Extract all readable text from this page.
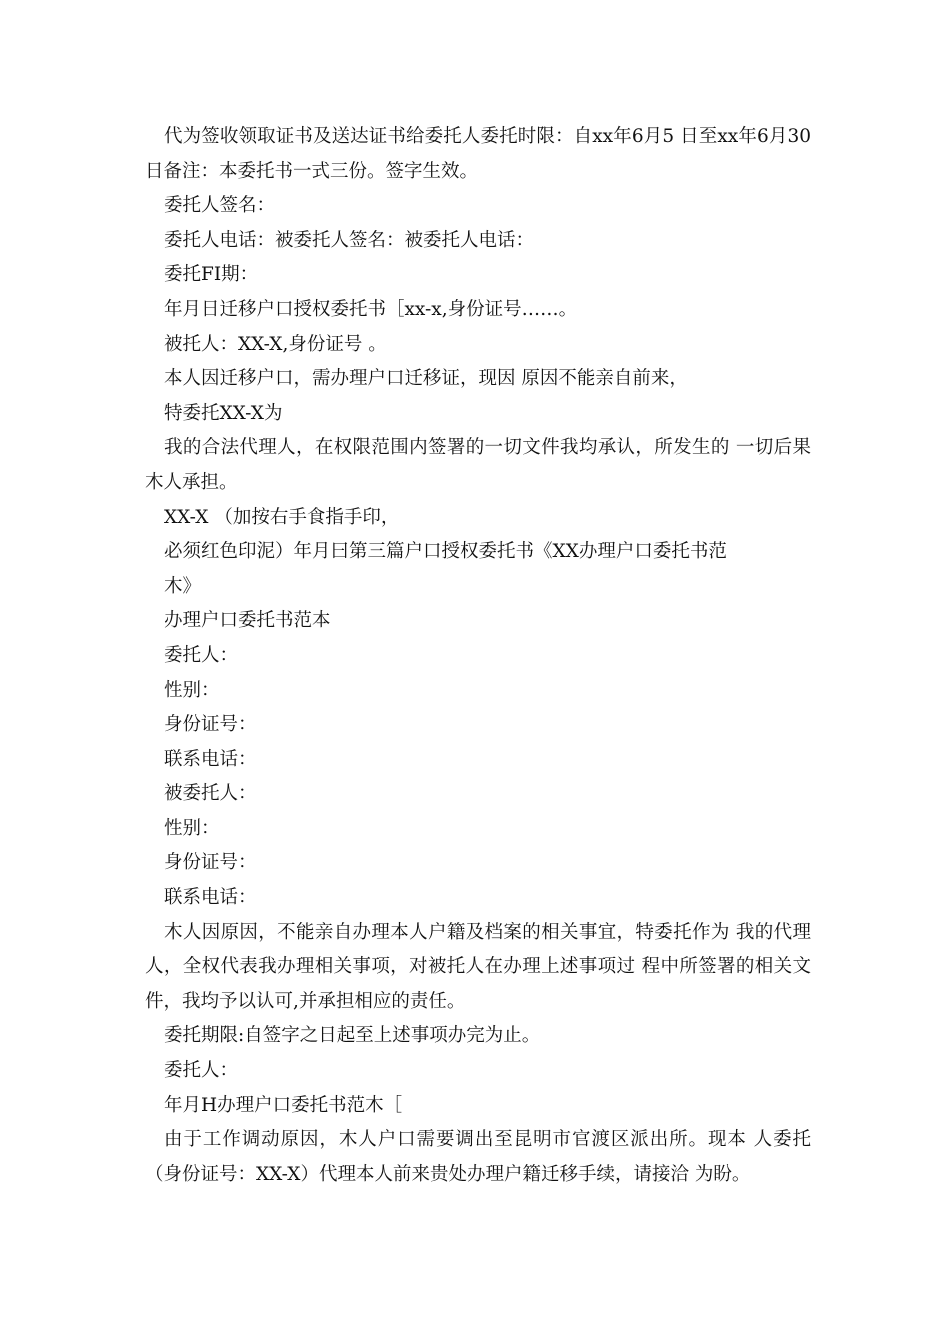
代为签收领取证书及送达证书给委托人委托时限：自xx年6月5 日至xx年6月30日备注：本委托书一式三份。签字生效。

委托人签名：

委托人电话：被委托人签名：被委托人电话：

委托FI期：

年月日迁移户口授权委托书［xx-x,身份证号……。

被托人：XX-X,身份证号 。

本人因迁移户口，需办理户口迁移证，现因 原因不能亲自前来，

特委托XX-X为

我的合法代理人，在权限范围内签署的一切文件我均承认，所发生的 一切后果木人承担。

XX-X （加按右手食指手印，

必须红色印泥）年月曰第三篇户口授权委托书《XX办理户口委托书范

木》

办理户口委托书范本

委托人：

性别：

身份证号：

联系电话：

被委托人：

性别：

身份证号：

联系电话：

木人因原因，不能亲自办理本人户籍及档案的相关事宜，特委托作为 我的代理人，全权代表我办理相关事项，对被托人在办理上述事项过 程中所签署的相关文件，我均予以认可,并承担相应的责任。

委托期限:自签字之日起至上述事项办完为止。

委托人：

年月H办理户口委托书范木［

由于工作调动原因，木人户口需要调出至昆明市官渡区派出所。现本 人委托（身份证号：XX-X）代理本人前来贵处办理户籍迁移手续，请接洽 为盼。
